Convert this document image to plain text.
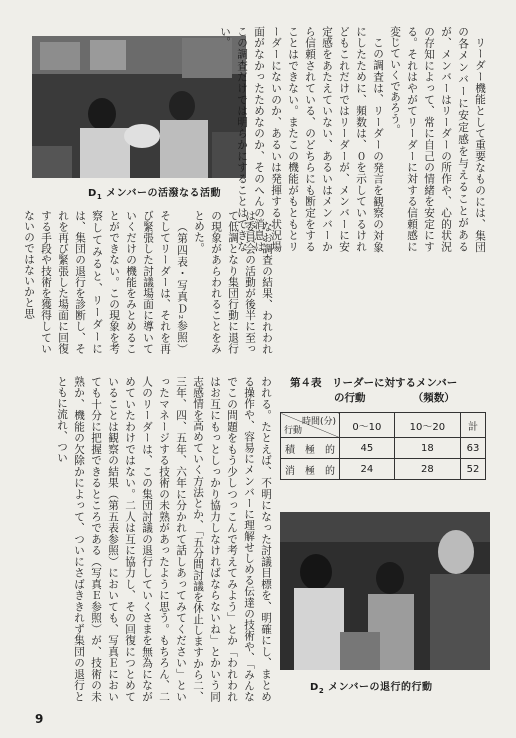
$D_1$ メンバーの活潑なる活動	リーダー機能として重要なものには、集団の各メンバーに安定感を与えることがあるが、メンバーはリーダーの所作や、心的状況の存知によって、常に自己の情緒を安定にする。それはやがてリーダーに対する信頼感に変じていくであろう。

この調査は、リーダーの発言を観察の対象にしたために、頻数は、０を示しているけれどもこれだけではリーダーが、メンバーに安定感をあたえていない、あるいはメンバーから信頼されている、のどちらにも断定をすることはできない。またこの機能がもともとリーダーにないのか、あるいは発揮する状況場面がなかったためなのか、そのへんの消息はこの調査だけでは明らかにすることはできない。

なお調査の結果、われわれは委員会の活動が後半に至って低調となり集団行動に退行の現象があらわれることをみとめた。

（第四表・写真Ｄ₂参照）そしてリーダーは、それを再び緊張した討議場面に導いていくだけの機能をみとめることができない。この現象を考察してみると、リーダーには、集団の退行を診断し、それを再び緊張した場面に回復する手段や技術を獲得していないのではないかと思

第４表　リーダーに対するメンバー
の行動　　　　　（頻数）
時間(分)
行動	0～10	10～20	計
積　極　的	45	18	63
消　極　的	24	28	52
$D_2$ メンバーの退行的行動

われる。たとえば、不明になった討議目標を、明確にし、まとめる操作や、容易にメンバーに理解せしめる伝達の技術や、「みんなでこの問題をもう少しつっこんで考えてみよう」とか「われわれはお互にもっとしっかり協力しなければならないね」とかいう同志感情を高めていく方法とか、「五分間討議を休止しますから二、三年、四、五年、六年に分かれて話しあってみてください」といったマネージする技術の未熟があったように思う。もちろん、二人のリーダーは、この集団討議の退行していくさまを無為にながめていたわけではない。二人は互に協力し、その回復につとめていることは観察の結果（第五表参照）においても、写真Ｅにおいても十分に把握できるところである（写真Ｅ参照）が、技術の未熟か、機能の欠除かによって、ついにさばききれず集団の退行とともに流れ、つい

9
